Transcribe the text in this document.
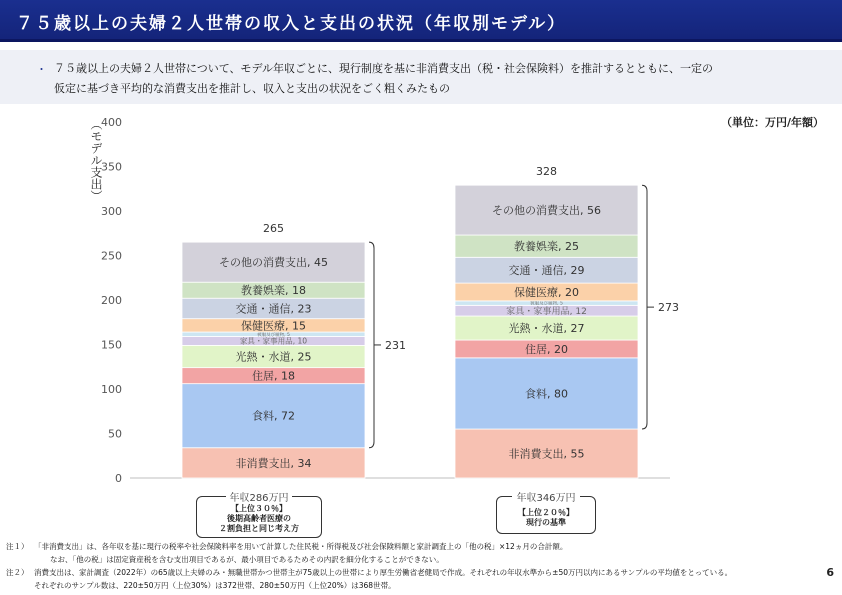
７５歳以上の夫婦２人世帯の収入と支出の状況（年収別モデル）
・ ７５歳以上の夫婦２人世帯について、モデル年収ごとに、現行制度を基に非消費支出（税・社会保険料）を推計するとともに、一定の
仮定に基づき平均的な消費支出を推計し、収入と支出の状況をごく粗くみたもの
（単位：万円/年額）
（モデル支出）
0
50
100
150
200
250
300
350
400
非消費支出, 34
食料, 72
住居, 18
光熱・水道, 25
家具・家事用品, 10
被服及び履物, 5
保健医療, 15
交通・通信, 23
教養娯楽, 18
その他の消費支出, 45
265
231
非消費支出, 55
食料, 80
住居, 20
光熱・水道, 27
家具・家事用品, 12
被服及び履物, 5
保健医療, 20
交通・通信, 29
教養娯楽, 25
その他の消費支出, 56
328
273
年収286万円
【上位３０％】
後期高齢者医療の
２割負担と同じ考え方
年収346万円
【上位２０％】
現行の基準
注１） 「非消費支出」は、各年収を基に現行の税率や社会保険料率を用いて計算した住民税・所得税及び社会保険料額と家計調査上の「他の税」×12ヵ月の合計額。
なお、「他の税」は固定資産税を含む支出項目であるが、最小項目であるためその内訳を細分化することができない。
注２） 消費支出は、家計調査（2022年）の65歳以上夫婦のみ・無職世帯かつ世帯主が75歳以上の世帯により厚生労働省老健局で作成。それぞれの年収水準から±50万円以内にあるサンプルの平均値をとっている。
それぞれのサンプル数は、220±50万円（上位30%）は372世帯、280±50万円（上位20%）は368世帯。
6
